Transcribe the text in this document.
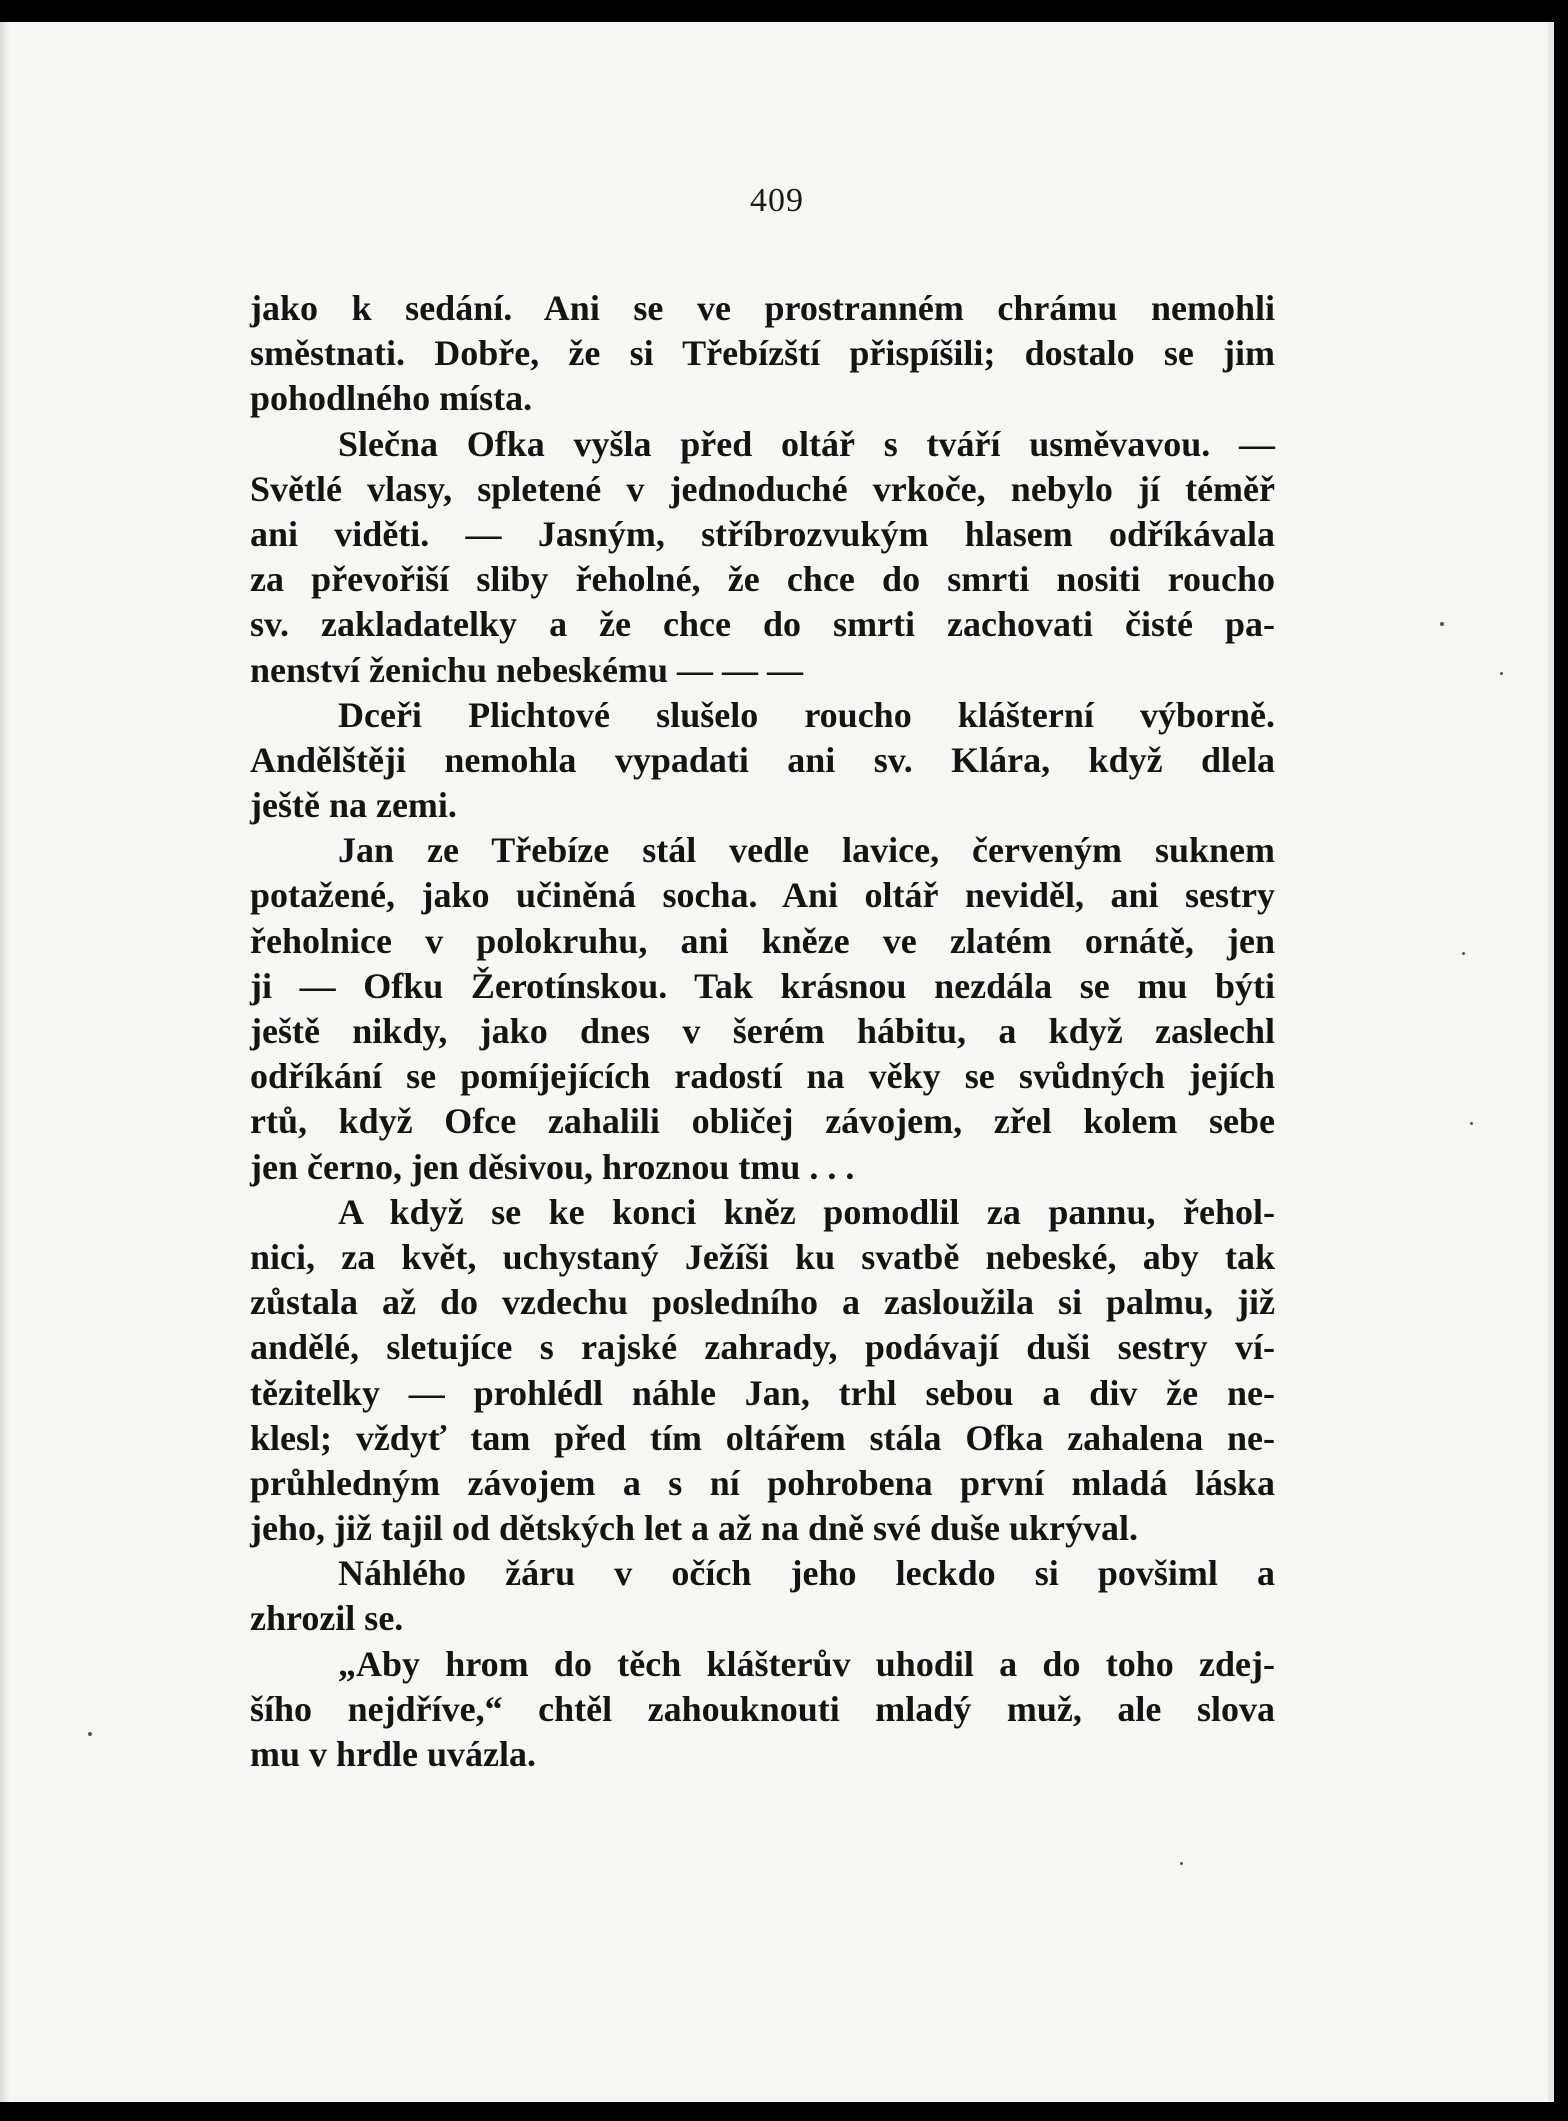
409
jako k sedání. Ani se ve prostranném chrámu nemohli
směstnati. Dobře, že si Třebízští přispíšili; dostalo se jim
pohodlného místa.
Slečna Ofka vyšla před oltář s tváří usměvavou. —
Světlé vlasy, spletené v jednoduché vrkoče, nebylo jí téměř
ani viděti. — Jasným, stříbrozvukým hlasem odříkávala
za převořiší sliby řeholné, že chce do smrti nositi roucho
sv. zakladatelky a že chce do smrti zachovati čisté pa-
nenství ženichu nebeskému — — —
Dceři Plichtové slušelo roucho klášterní výborně.
Andělštěji nemohla vypadati ani sv. Klára, když dlela
ještě na zemi.
Jan ze Třebíze stál vedle lavice, červeným suknem
potažené, jako učiněná socha. Ani oltář neviděl, ani sestry
řeholnice v polokruhu, ani kněze ve zlatém ornátě, jen
ji — Ofku Žerotínskou. Tak krásnou nezdála se mu býti
ještě nikdy, jako dnes v šerém hábitu, a když zaslechl
odříkání se pomíjejících radostí na věky se svůdných jejích
rtů, když Ofce zahalili obličej závojem, zřel kolem sebe
jen černo, jen děsivou, hroznou tmu . . .
A když se ke konci kněz pomodlil za pannu, řehol-
nici, za květ, uchystaný Ježíši ku svatbě nebeské, aby tak
zůstala až do vzdechu posledního a zasloužila si palmu, již
andělé, sletujíce s rajské zahrady, podávají duši sestry ví-
tězitelky — prohlédl náhle Jan, trhl sebou a div že ne-
klesl; vždyť tam před tím oltářem stála Ofka zahalena ne-
průhledným závojem a s ní pohrobena první mladá láska
jeho, již tajil od dětských let a až na dně své duše ukrýval.
Náhlého žáru v očích jeho leckdo si povšiml a
zhrozil se.
„Aby hrom do těch klášterův uhodil a do toho zdej-
šího nejdříve,“ chtěl zahouknouti mladý muž, ale slova
mu v hrdle uvázla.
